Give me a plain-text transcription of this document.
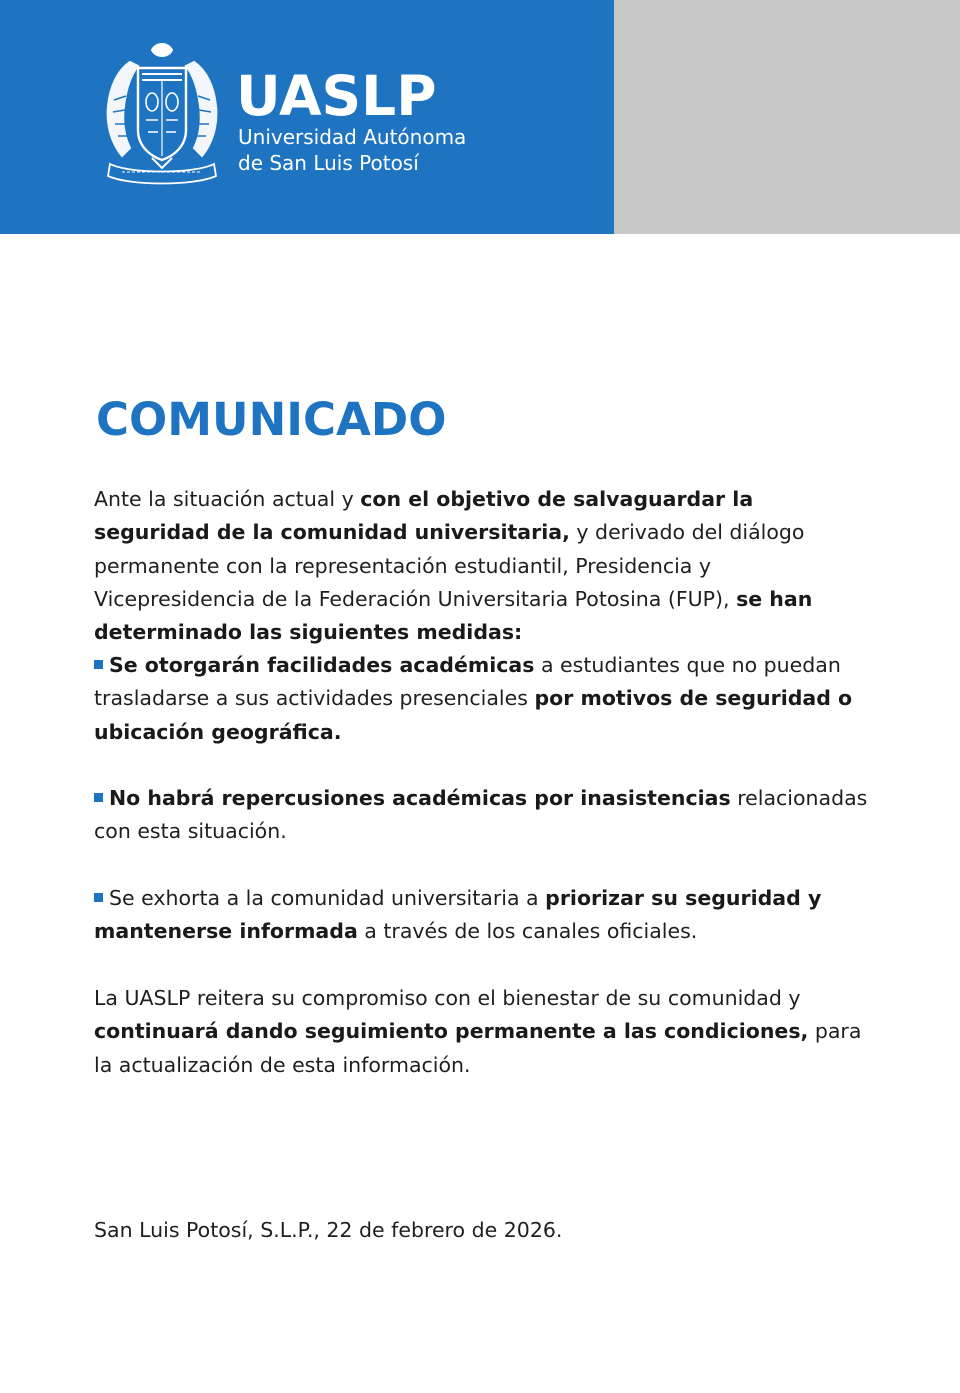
UASLP
Universidad Autónoma
de San Luis Potosí
COMUNICADO

Ante la situación actual y con el objetivo de salvaguardar la seguridad de la comunidad universitaria, y derivado del diálogo permanente con la representación estudiantil, Presidencia y Vicepresidencia de la Federación Universitaria Potosina (FUP), se han determinado las siguientes medidas:

Se otorgarán facilidades académicas a estudiantes que no puedan trasladarse a sus actividades presenciales por motivos de seguridad o ubicación geográfica.

No habrá repercusiones académicas por inasistencias relacionadas con esta situación.

Se exhorta a la comunidad universitaria a priorizar su seguridad y mantenerse informada a través de los canales oficiales.

La UASLP reitera su compromiso con el bienestar de su comunidad y continuará dando seguimiento permanente a las condiciones, para la actualización de esta información.

San Luis Potosí, S.L.P., 22 de febrero de 2026.
